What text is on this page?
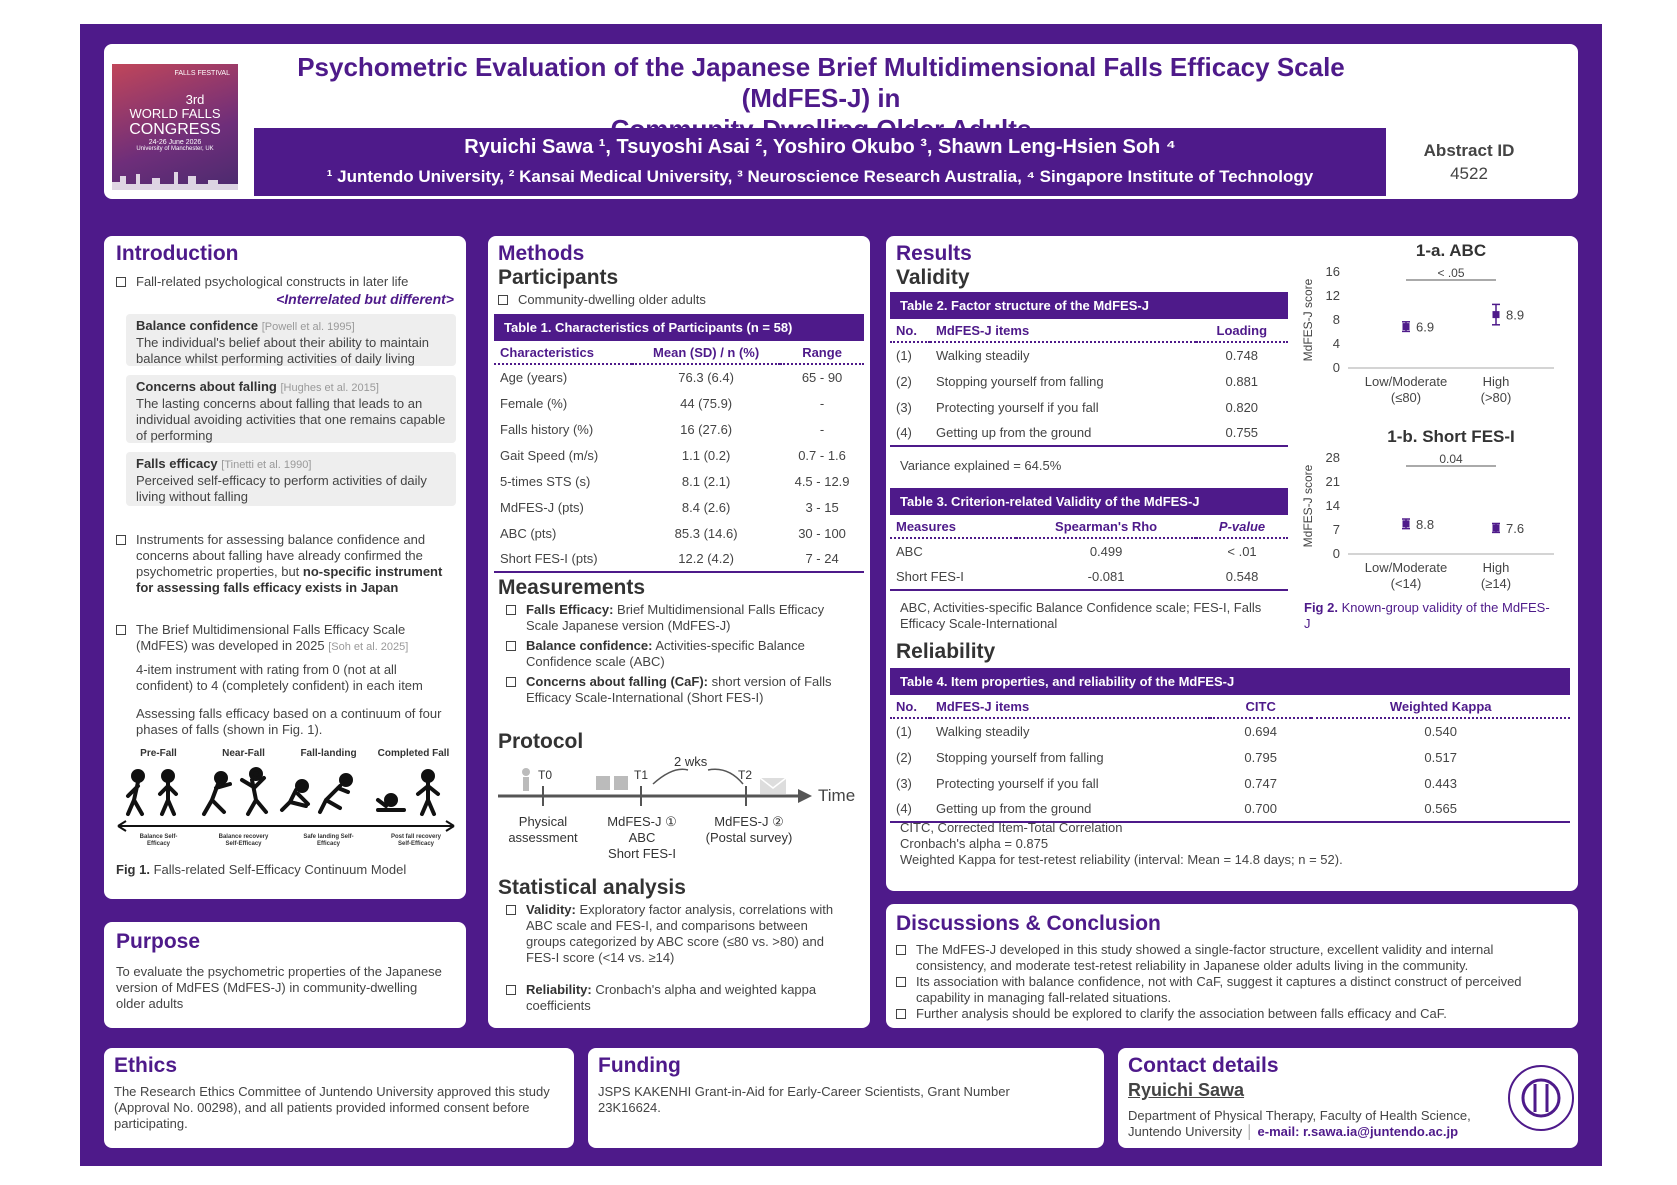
FALLS FESTIVAL
3rd
WORLD FALLS
CONGRESS
24-26 June 2026
University of Manchester, UK
Psychometric Evaluation of the Japanese Brief Multidimensional Falls Efficacy Scale (MdFES-J) in
Ryuichi Sawa ¹, Tsuyoshi Asai ², Yoshiro Okubo ³, Shawn Leng-Hsien Soh ⁴
¹ Juntendo University, ² Kansai Medical University, ³ Neuroscience Research Australia, ⁴ Singapore Institute of Technology
Abstract ID
4522
Introduction
Fall-related psychological constructs in later life
<Interrelated but different>
Balance confidence [Powell et al. 1995]
The individual's belief about their ability to maintain balance whilst performing activities of daily living
Concerns about falling [Hughes et al. 2015]
The lasting concerns about falling that leads to an individual avoiding activities that one remains capable of performing
Falls efficacy [Tinetti et al. 1990]
Perceived self-efficacy to perform activities of daily living without falling
Instruments for assessing balance confidence and concerns about falling have already confirmed the psychometric properties, but no-specific instrument for assessing falls efficacy exists in Japan
The Brief Multidimensional Falls Efficacy Scale (MdFES) was developed in 2025 [Soh et al. 2025]
4-item instrument with rating from 0 (not at all confident) to 4 (completely confident) in each item
Assessing falls efficacy based on a continuum of four phases of falls (shown in Fig. 1).
Pre-Fall	Near-Fall	Fall-landing	Completed Fall
Balance Self-Efficacy
Balance recovery Self-Efficacy
Safe landing Self-Efficacy
Post fall recovery Self-Efficacy
Fig 1. Falls-related Self-Efficacy Continuum Model
Purpose
To evaluate the psychometric properties of the Japanese version of MdFES (MdFES-J) in community-dwelling older adults
Methods
Participants
Community-dwelling older adults
Table 1. Characteristics of Participants (n = 58)
Characteristics	Mean (SD) / n (%)	Range
Age (years)	76.3 (6.4)	65 - 90
Female (%)	44 (75.9)	-
Falls history (%)	16 (27.6)	-
Gait Speed (m/s)	1.1 (0.2)	0.7 - 1.6
5-times STS (s)	8.1 (2.1)	4.5 - 12.9
MdFES-J (pts)	8.4 (2.6)	3 - 15
ABC (pts)	85.3 (14.6)	30 - 100
Short FES-I (pts)	12.2 (4.2)	7 - 24
Measurements
Falls Efficacy: Brief Multidimensional Falls Efficacy Scale Japanese version (MdFES-J)
Balance confidence: Activities-specific Balance Confidence scale (ABC)
Concerns about falling (CaF): short version of Falls Efficacy Scale-International (Short FES-I)
Protocol
T0	T1	T2
2 wks
Time
Physical
assessment
MdFES-J ①
ABC
Short FES-I
MdFES-J ②
(Postal survey)
Statistical analysis
Validity: Exploratory factor analysis, correlations with ABC scale and FES-I, and comparisons between groups categorized by ABC score (≤80 vs. >80) and FES-I score (<14 vs. ≥14)
Reliability: Cronbach's alpha and weighted kappa coefficients
Results
Validity
Table 2. Factor structure of the MdFES-J
No.	MdFES-J items	Loading
(1)	Walking steadily	0.748
(2)	Stopping yourself from falling	0.881
(3)	Protecting yourself if you fall	0.820
(4)	Getting up from the ground	0.755
Variance explained = 64.5%
Table 3. Criterion-related Validity of the MdFES-J
Measures	Spearman's Rho	P-value
ABC	0.499	< .01
Short FES-I	-0.081	0.548
ABC, Activities-specific Balance Confidence scale; FES-I, Falls Efficacy Scale-International
Reliability
Table 4. Item properties, and reliability of the MdFES-J
No.	MdFES-J items	CITC	Weighted Kappa
(1)	Walking steadily	0.694	0.540
(2)	Stopping yourself from falling	0.795	0.517
(3)	Protecting yourself if you fall	0.747	0.443
(4)	Getting up from the ground	0.700	0.565
CITC, Corrected Item-Total Correlation
Cronbach's alpha = 0.875
Weighted Kappa for test-retest reliability (interval: Mean = 14.8 days; n = 52).
1-a. ABC
MdFES-J score
0
4
8
12
16
6.9
Low/Moderate
(≤80)
8.9
High
(>80)
< .05
1-b. Short FES-I
MdFES-J score
0
7
14
21
28
8.8
Low/Moderate
(<14)
7.6
High
(≥14)
0.04
Fig 2. Known-group validity of the MdFES-J
Discussions & Conclusion
The MdFES-J developed in this study showed a single-factor structure, excellent validity and internal consistency, and moderate test-retest reliability in Japanese older adults living in the community.
Its association with balance confidence, not with CaF, suggest it captures a distinct construct of perceived capability in managing fall-related situations.
Further analysis should be explored to clarify the association between falls efficacy and CaF.
Ethics
The Research Ethics Committee of Juntendo University approved this study (Approval No. 00298), and all patients provided informed consent before participating.
Funding
JSPS KAKENHI Grant-in-Aid for Early-Career Scientists, Grant Number 23K16624.
Contact details
Ryuichi Sawa
Department of Physical Therapy, Faculty of Health Science,
Juntendo University │ e-mail: r.sawa.ia@juntendo.ac.jp
